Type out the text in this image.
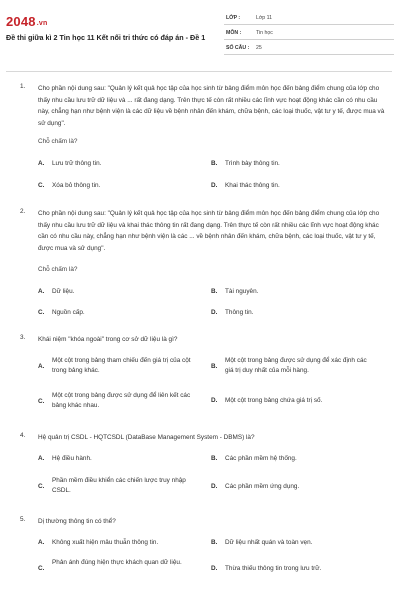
2048.vn
Đề thi giữa kì 2 Tin học 11 Kết nối tri thức có đáp án - Đề 1
LỚP :	Lớp 11
MÔN :	Tin học
SỐ CÂU : 25
1. Cho phần nội dung sau: "Quản lý kết quả học tập của học sinh từ bảng điểm môn học đến bảng điểm chung của lớp cho thấy nhu cầu lưu trữ dữ liệu và ... rất đang dạng. Trên thực tế còn rất nhiều các lĩnh vực hoạt động khác cần có nhu cầu này, chẳng hạn như bệnh viện là các dữ liệu về bệnh nhân đến khám, chữa bệnh, các loại thuốc, vật tư y tế, được mua và sử dụng".
Chỗ chấm là?
A. Lưu trữ thông tin.	B. Trình bày thông tin.
C. Xóa bỏ thông tin.	D. Khai thác thông tin.
2. Cho phần nội dung sau: "Quản lý kết quả học tập của học sinh từ bảng điểm môn học đến bảng điểm chung của lớp cho thấy nhu cầu lưu trữ dữ liệu và khai thác thông tin rất đang dạng. Trên thực tế còn rất nhiều các lĩnh vực hoạt động khác cần có nhu cầu này, chẳng hạn như bệnh viện là các ... về bệnh nhân đến khám, chữa bệnh, các loại thuốc, vật tư y tế, được mua và sử dụng".
Chỗ chấm là?
A. Dữ liệu.	B. Tài nguyên.
C. Nguồn cấp.	D. Thông tin.
3. Khái niệm "khóa ngoài" trong cơ sở dữ liệu là gì?
A.
Một cột trong bảng tham chiếu đến giá trị của cột trong bảng khác.
B.
Một cột trong bảng được sử dụng để xác định các giá trị duy nhất của mỗi hàng.
C.
Một cột trong bảng được sử dụng để liên kết các bảng khác nhau.
D. Một cột trong bảng chứa giá trị số.
4. Hệ quản trị CSDL - HQTCSDL (DataBase Management System - DBMS) là?
A. Hệ điều hành.	B. Các phần mềm hệ thống.
C.
Phần mềm điều khiển các chiến lược truy nhập CSDL.
D. Các phần mềm ứng dụng.
5. Dị thường thông tin có thể?
A. Không xuất hiện mâu thuẫn thông tin.	B. Dữ liệu nhất quán và toàn vẹn.
C.
Phản ánh đúng hiện thực khách quan dữ liệu.
D. Thừa thiếu thông tin trong lưu trữ.
